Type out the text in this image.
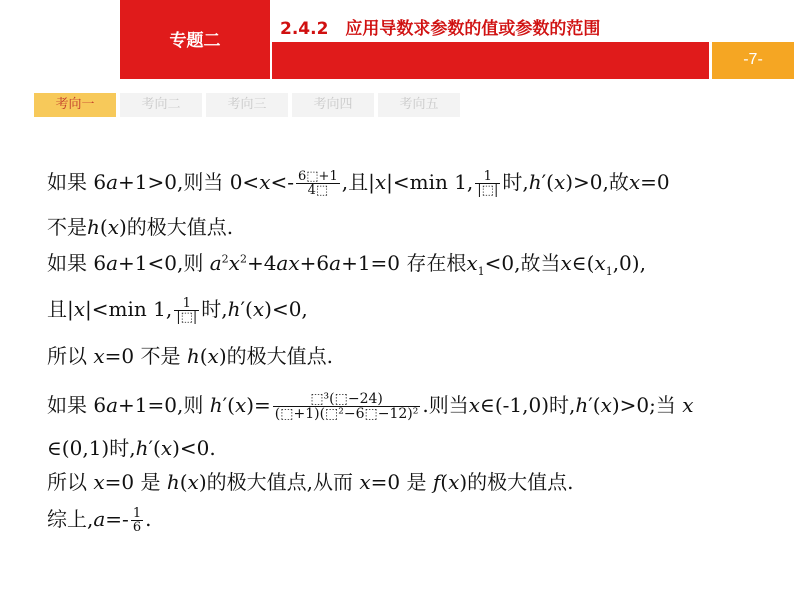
专题二
2.4.2　应用导数求参数的值或参数的范围
-7-
考向一	考向二	考向三	考向四	考向五
如果 6a+1>0,则当 $0<x<- \frac{6⬚+1}{4⬚}$ ,且|x|<min 1, $\frac{1}{|⬚|}$ 时,h′(x)>0,故x=0
不是h(x)的极大值点.
如果 6a+1<0,则 $a^2x^2+4ax+6a+1=0$ 存在根$x_1<0$,故当$x\in(x_1,0)$,
且|x|<min 1, $\frac{1}{|⬚|}$ 时,h′(x)<0,
所以 x=0 不是 h(x)的极大值点.
如果 6a+1=0,则 $h'(x)= \frac{\text{⬚³(⬚−24)}}{\text{(⬚+1)(⬚²−6⬚−12)²}}$ .则当x∈(-1,0)时,h′(x)>0;当 x
∈(0,1)时,h′(x)<0.
所以 x=0 是 h(x)的极大值点,从而 x=0 是 f(x)的极大值点.
综上$,a=- \frac{1}{6}$ .
